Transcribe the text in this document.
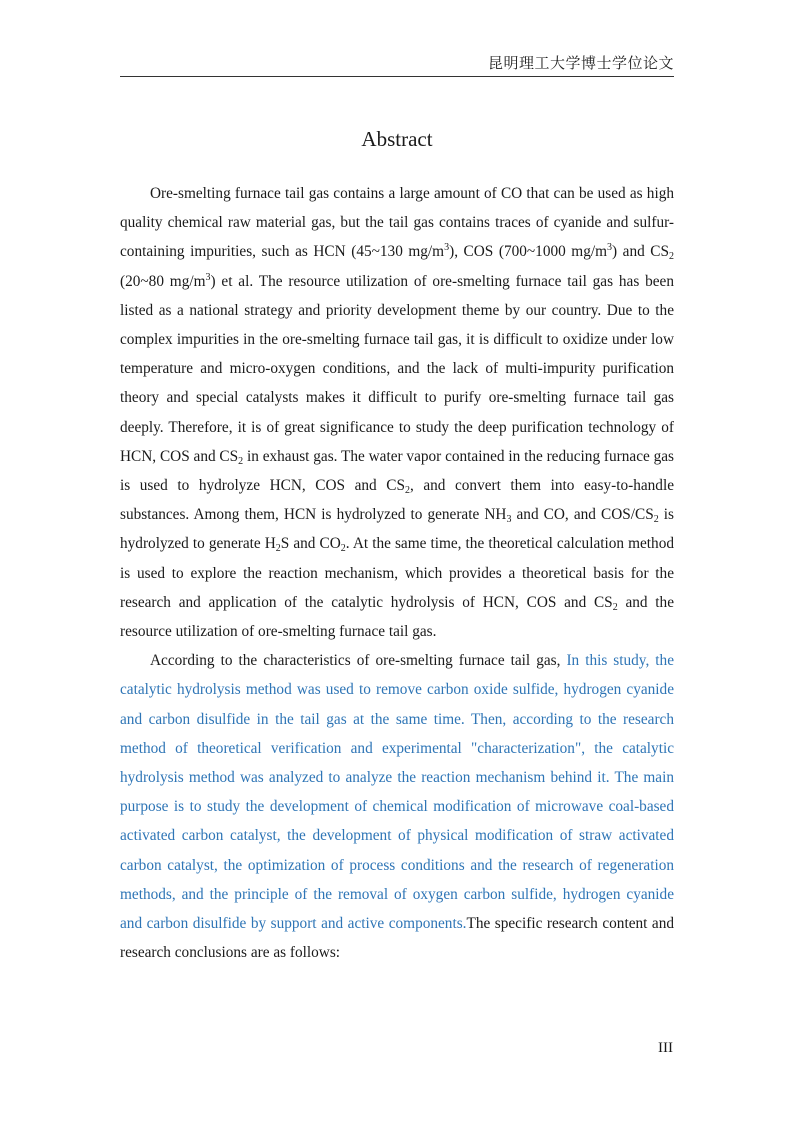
昆明理工大学博士学位论文
Abstract

Ore-smelting furnace tail gas contains a large amount of CO that can be used as high quality chemical raw material gas, but the tail gas contains traces of cyanide and sulfur-containing impurities, such as HCN (45~130 $mg/m^3$), COS (700~1000 $mg/m^3$) and $CS_2$ (20~80 $mg/m^3$) et al. The resource utilization of ore-smelting furnace tail gas has been listed as a national strategy and priority development theme by our country. Due to the complex impurities in the ore-smelting furnace tail gas, it is difficult to oxidize under low temperature and micro-oxygen conditions, and the lack of multi-impurity purification theory and special catalysts makes it difficult to purify ore-smelting furnace tail gas deeply. Therefore, it is of great significance to study the deep purification technology of HCN, COS and $CS_2$ in exhaust gas. The water vapor contained in the reducing furnace gas is used to hydrolyze HCN, COS and $CS_2$, and convert them into easy-to-handle substances. Among them, HCN is hydrolyzed to generate $NH_3$ and CO, and COS/$CS_2$ is hydrolyzed to generate $H_2S$ and $CO_2$. At the same time, the theoretical calculation method is used to explore the reaction mechanism, which provides a theoretical basis for the research and application of the catalytic hydrolysis of HCN, COS and $CS_2$ and the resource utilization of ore-smelting furnace tail gas.

According to the characteristics of ore-smelting furnace tail gas, In this study, the catalytic hydrolysis method was used to remove carbon oxide sulfide, hydrogen cyanide and carbon disulfide in the tail gas at the same time. Then, according to the research method of theoretical verification and experimental "characterization", the catalytic hydrolysis method was analyzed to analyze the reaction mechanism behind it. The main purpose is to study the development of chemical modification of microwave coal-based activated carbon catalyst, the development of physical modification of straw activated carbon catalyst, the optimization of process conditions and the research of regeneration methods, and the principle of the removal of oxygen carbon sulfide, hydrogen cyanide and carbon disulfide by support and active components.The specific research content and research conclusions are as follows:

III
